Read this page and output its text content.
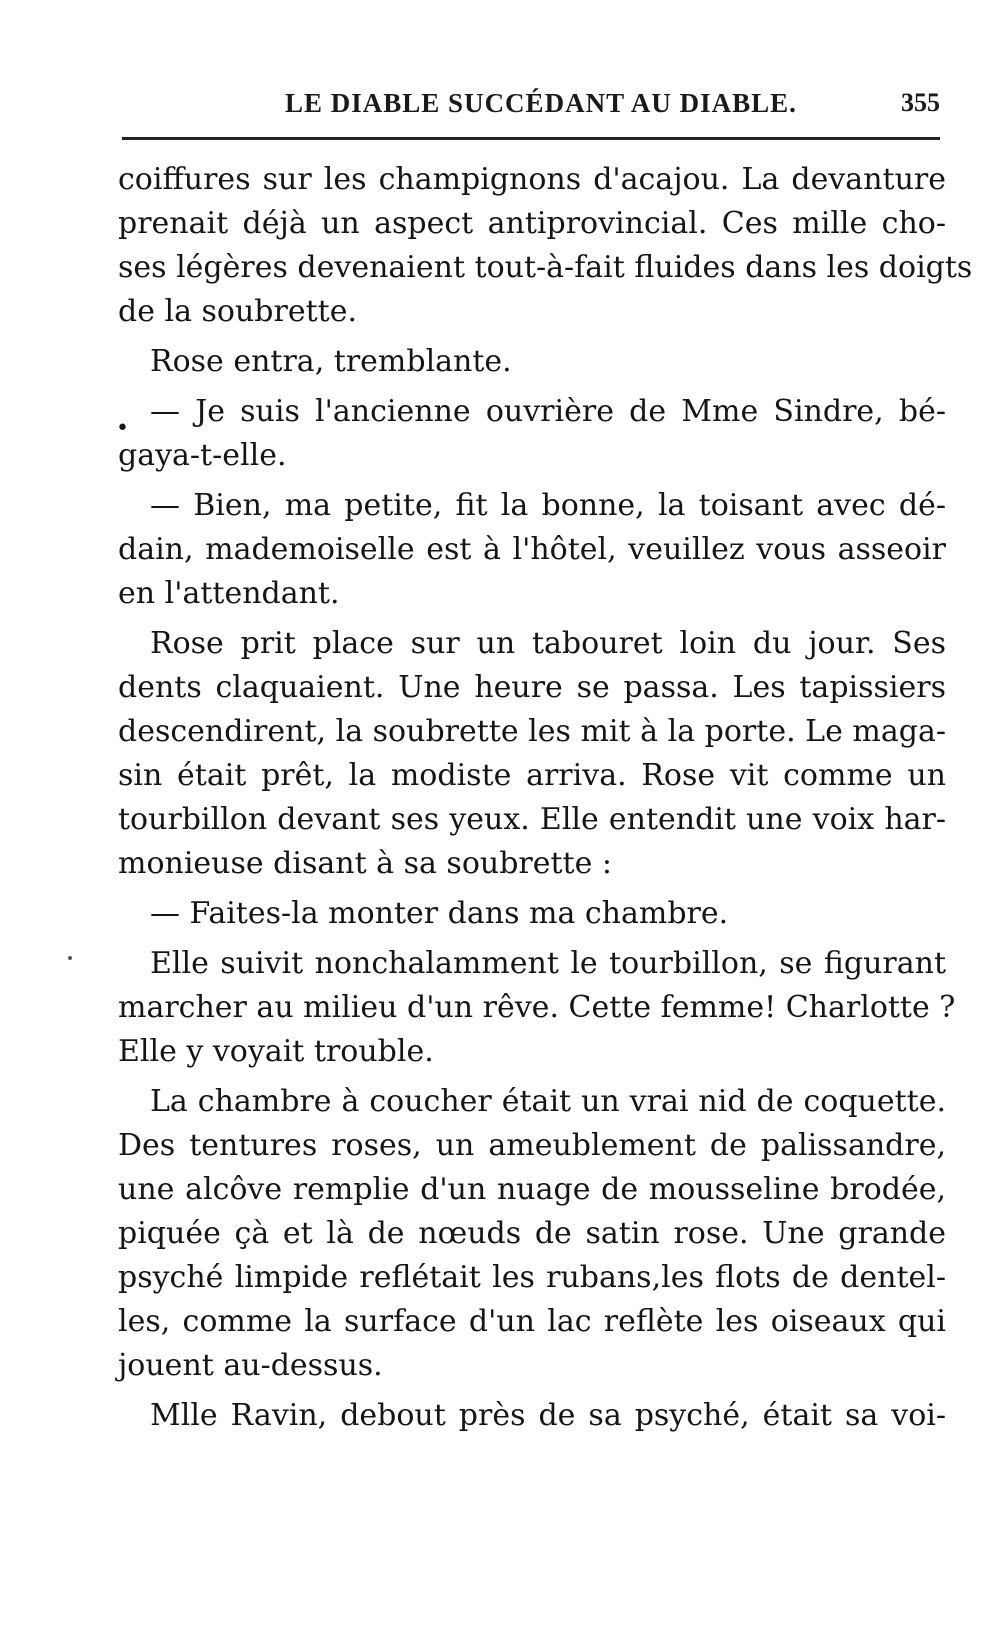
LE DIABLE SUCCÉDANT AU DIABLE.	355
coiffures sur les champignons d'acajou. La devanture
prenait déjà un aspect antiprovincial. Ces mille cho-
ses légères devenaient tout-à-fait fluides dans les doigts
de la soubrette.
Rose entra, tremblante.
• — Je suis l'ancienne ouvrière de Mme Sindre, bé-
gaya-t-elle.
— Bien, ma petite, fit la bonne, la toisant avec dé-
dain, mademoiselle est à l'hôtel, veuillez vous asseoir
en l'attendant.
Rose prit place sur un tabouret loin du jour. Ses
dents claquaient. Une heure se passa. Les tapissiers
descendirent, la soubrette les mit à la porte. Le maga-
sin était prêt, la modiste arriva. Rose vit comme un
tourbillon devant ses yeux. Elle entendit une voix har-
monieuse disant à sa soubrette :
— Faites-la monter dans ma chambre.
Elle suivit nonchalamment le tourbillon, se figurant
marcher au milieu d'un rêve. Cette femme! Charlotte ?
Elle y voyait trouble.
La chambre à coucher était un vrai nid de coquette.
Des tentures roses, un ameublement de palissandre,
une alcôve remplie d'un nuage de mousseline brodée,
piquée çà et là de nœuds de satin rose. Une grande
psyché limpide reflétait les rubans,les flots de dentel-
les, comme la surface d'un lac reflète les oiseaux qui
jouent au-dessus.
Mlle Ravin, debout près de sa psyché, était sa voi-
